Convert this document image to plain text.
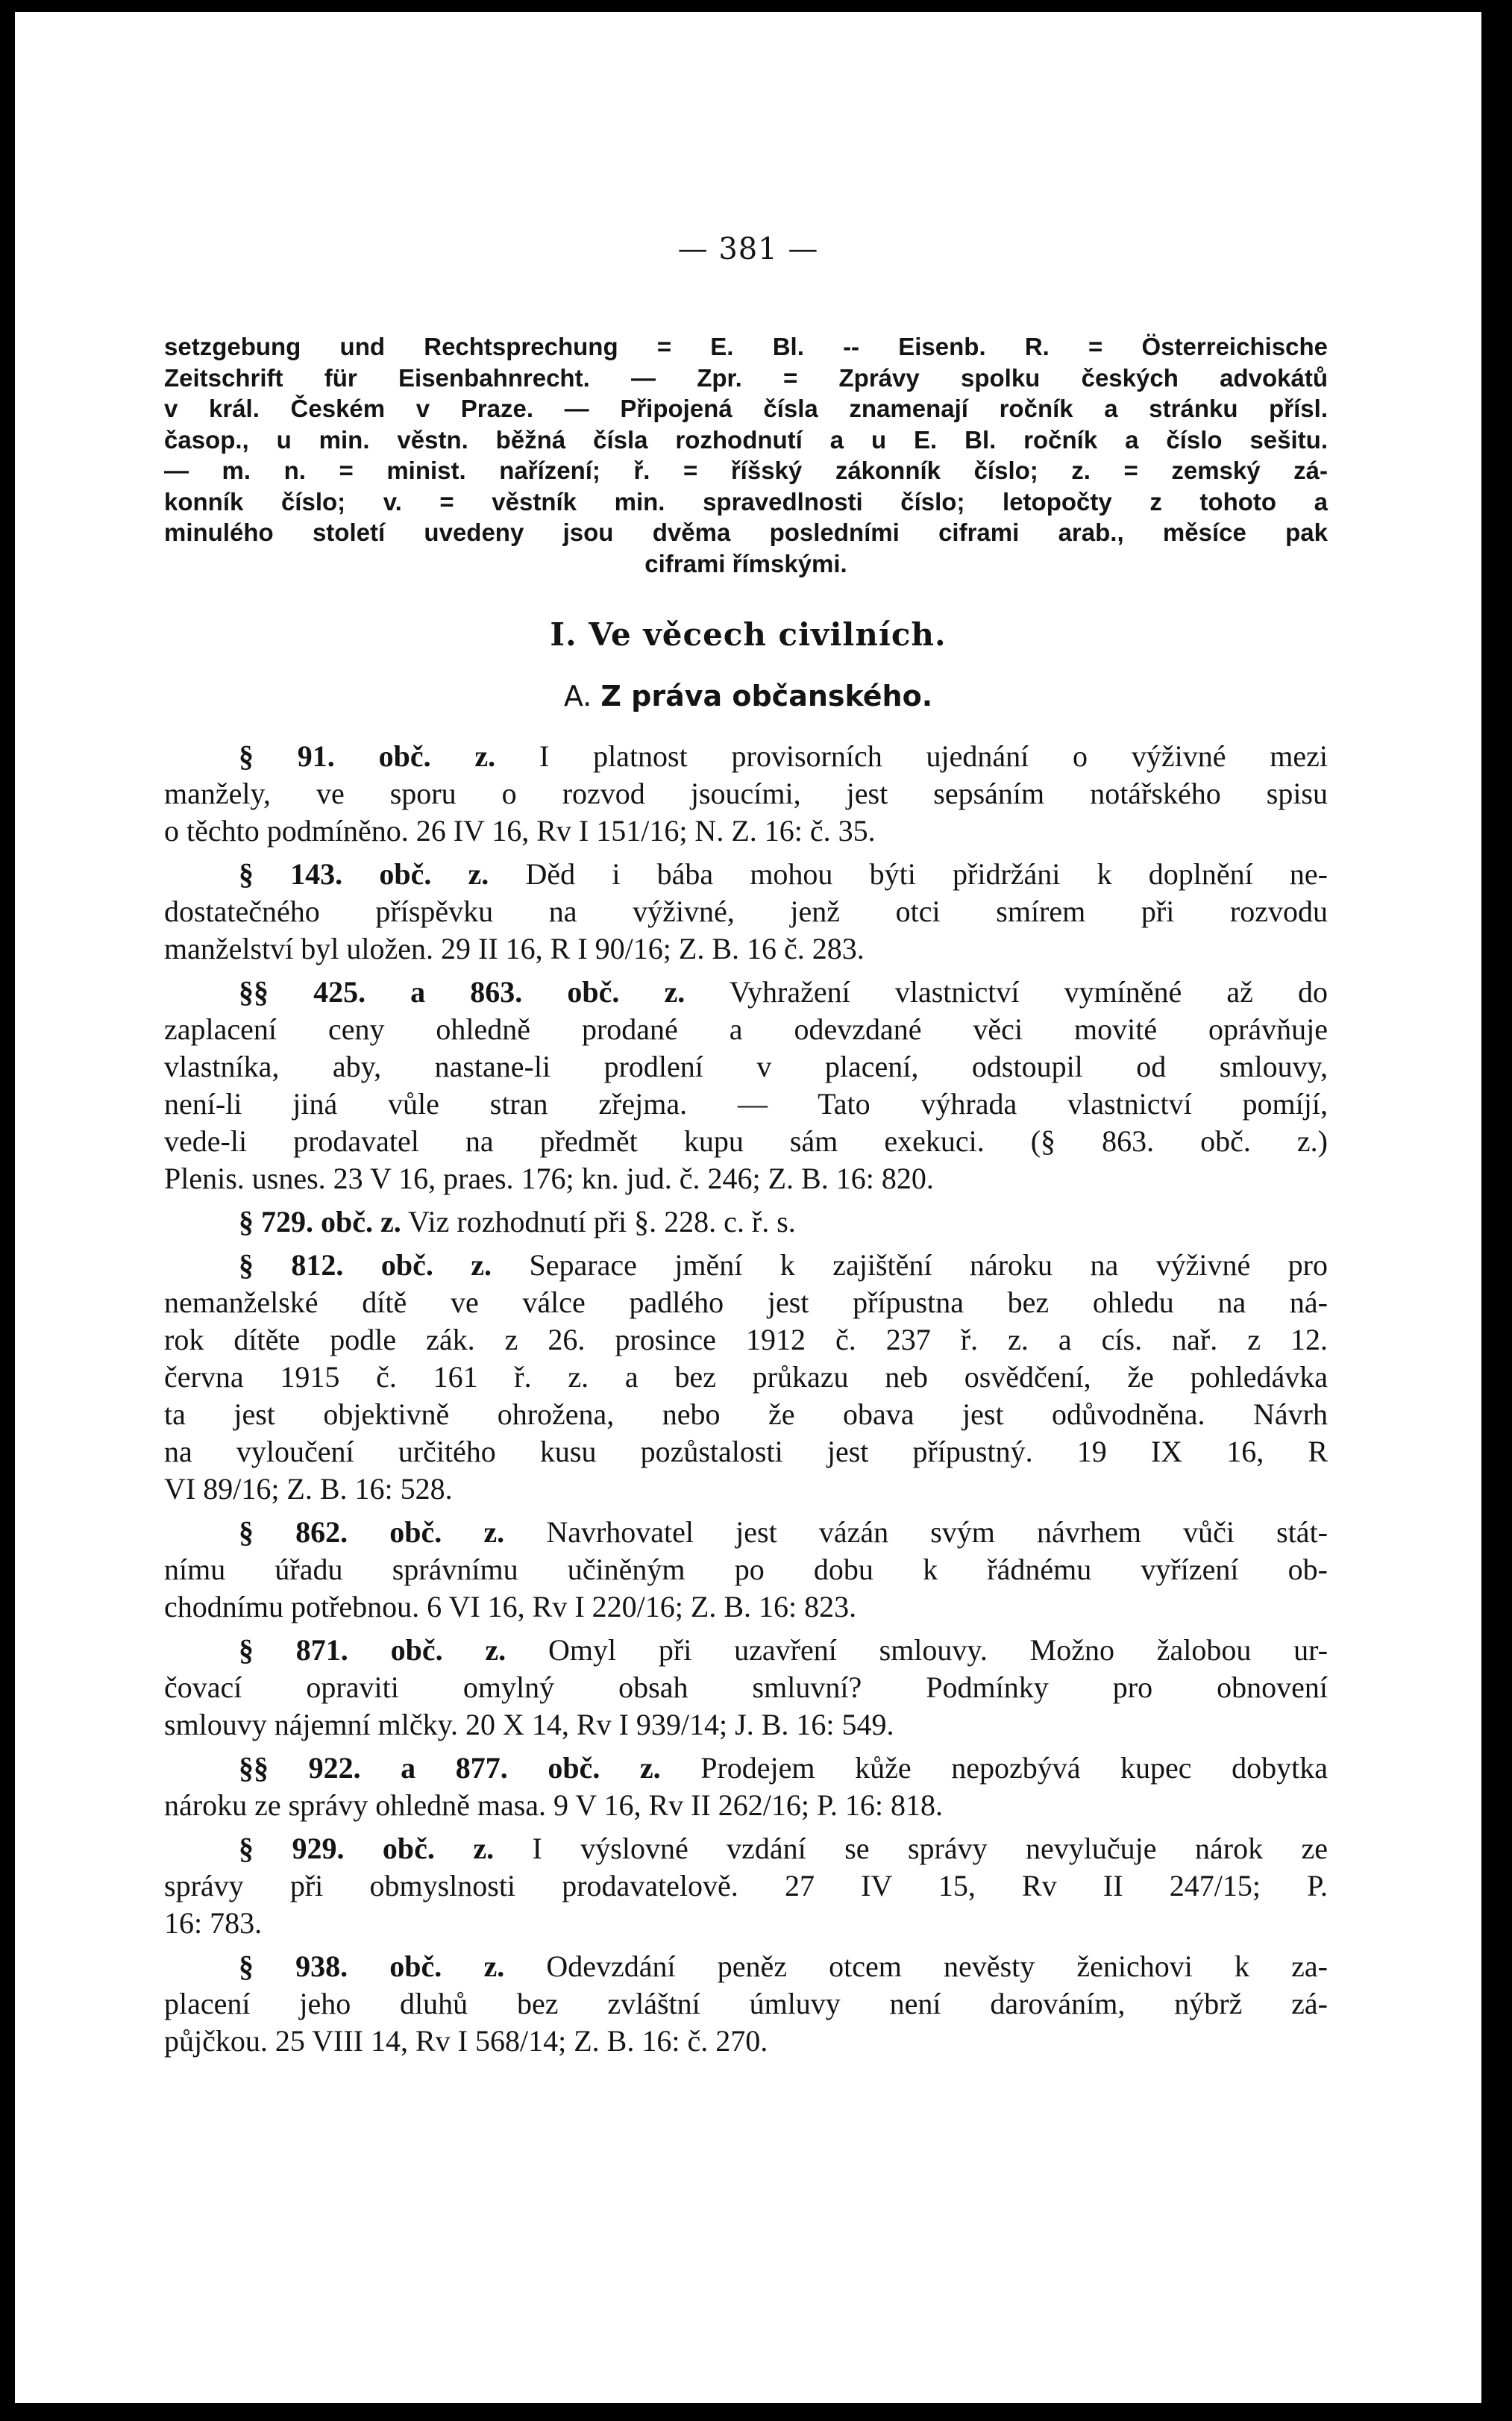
— 381 —
setzgebung und Rechtsprechung = E. Bl. -- Eisenb. R. = Österreichische
Zeitschrift für Eisenbahnrecht. — Zpr. = Zprávy spolku českých advokátů
v král. Českém v Praze. — Připojená čísla znamenají ročník a stránku přísl.
časop., u min. věstn. běžná čísla rozhodnutí a u E. Bl. ročník a číslo sešitu.
— m. n. = minist. nařízení; ř. = říšský zákonník číslo; z. = zemský zá-
konník číslo; v. = věstník min. spravedlnosti číslo; letopočty z tohoto a
minulého století uvedeny jsou dvěma posledními ciframi arab., měsíce pak
ciframi římskými.
I. Ve věcech civilních.
A. Z práva občanského.
§ 91. obč. z. I platnost provisorních ujednání o výživné mezi
manžely, ve sporu o rozvod jsoucími, jest sepsáním notářského spisu
o těchto podmíněno. 26 IV 16, Rv I 151/16; N. Z. 16: č. 35.
§ 143. obč. z. Děd i bába mohou býti přidržáni k doplnění ne-
dostatečného příspěvku na výživné, jenž otci smírem při rozvodu
manželství byl uložen. 29 II 16, R I 90/16; Z. B. 16 č. 283.
§§ 425. a 863. obč. z. Vyhražení vlastnictví vymíněné až do
zaplacení ceny ohledně prodané a odevzdané věci movité oprávňuje
vlastníka, aby, nastane-li prodlení v placení, odstoupil od smlouvy,
není-li jiná vůle stran zřejma. — Tato výhrada vlastnictví pomíjí,
vede-li prodavatel na předmět kupu sám exekuci. (§ 863. obč. z.)
Plenis. usnes. 23 V 16, praes. 176; kn. jud. č. 246; Z. B. 16: 820.
§ 729. obč. z. Viz rozhodnutí při §. 228. c. ř. s.
§ 812. obč. z. Separace jmění k zajištění nároku na výživné pro
nemanželské dítě ve válce padlého jest přípustna bez ohledu na ná-
rok dítěte podle zák. z 26. prosince 1912 č. 237 ř. z. a cís. nař. z 12.
června 1915 č. 161 ř. z. a bez průkazu neb osvědčení, že pohledávka
ta jest objektivně ohrožena, nebo že obava jest odůvodněna. Návrh
na vyloučení určitého kusu pozůstalosti jest přípustný. 19 IX 16, R
VI 89/16; Z. B. 16: 528.
§ 862. obč. z. Navrhovatel jest vázán svým návrhem vůči stát-
nímu úřadu správnímu učiněným po dobu k řádnému vyřízení ob-
chodnímu potřebnou. 6 VI 16, Rv I 220/16; Z. B. 16: 823.
§ 871. obč. z. Omyl při uzavření smlouvy. Možno žalobou ur-
čovací opraviti omylný obsah smluvní? Podmínky pro obnovení
smlouvy nájemní mlčky. 20 X 14, Rv I 939/14; J. B. 16: 549.
§§ 922. a 877. obč. z. Prodejem kůže nepozbývá kupec dobytka
nároku ze správy ohledně masa. 9 V 16, Rv II 262/16; P. 16: 818.
§ 929. obč. z. I výslovné vzdání se správy nevylučuje nárok ze
správy při obmyslnosti prodavatelově. 27 IV 15, Rv II 247/15; P.
16: 783.
§ 938. obč. z. Odevzdání peněz otcem nevěsty ženichovi k za-
placení jeho dluhů bez zvláštní úmluvy není darováním, nýbrž zá-
půjčkou. 25 VIII 14, Rv I 568/14; Z. B. 16: č. 270.
